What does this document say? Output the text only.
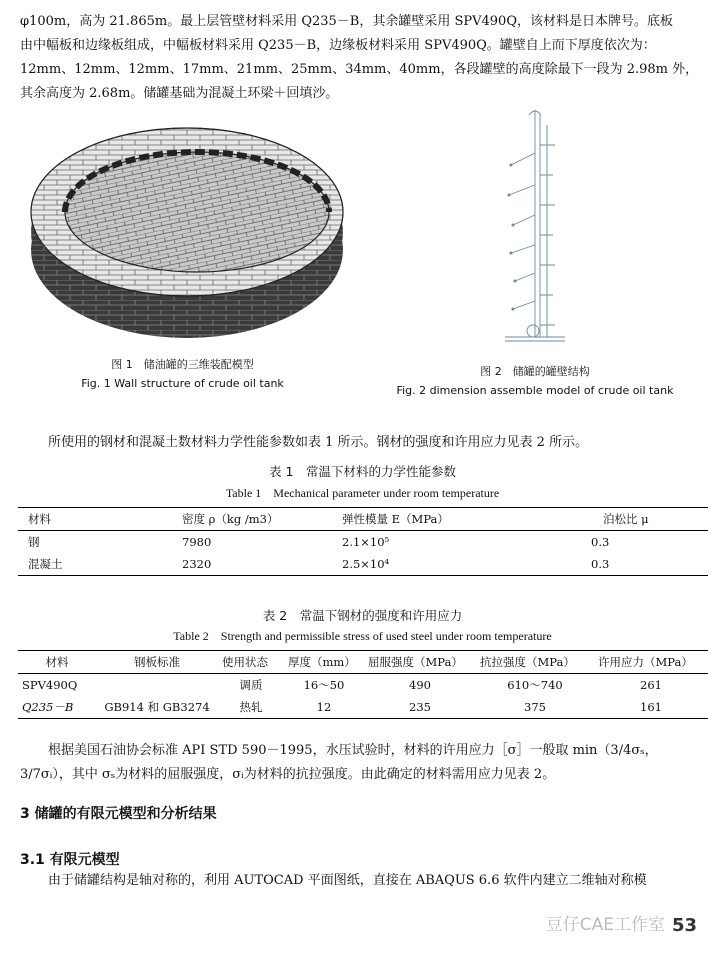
φ100m，高为 21.865m。最上层管壁材料采用 Q235－B，其余罐壁采用 SPV490Q，该材料是日本牌号。底板
由中幅板和边缘板组成，中幅板材料采用 Q235－B，边缘板材料采用 SPV490Q。罐壁自上而下厚度依次为：
12mm、12mm、12mm、17mm、21mm、25mm、34mm、40mm，各段罐壁的高度除最下一段为 2.98m 外，
其余高度为 2.68m。储罐基础为混凝土环梁＋回填沙。
图 1　储油罐的三维装配模型
Fig. 1 Wall structure of crude oil tank
图 2　储罐的罐壁结构
Fig. 2 dimension assemble model of crude oil tank
所使用的钢材和混凝土数材料力学性能参数如表 1 所示。钢材的强度和许用应力见表 2 所示。
表 1　常温下材料的力学性能参数
Table 1　Mechanical parameter under room temperature
材料	密度 ρ（kg /m3）	弹性模量 E（MPa）	泊松比 μ
钢	7980	2.1×10⁵	0.3
混凝土	2320	2.5×10⁴	0.3
表 2　常温下钢材的强度和许用应力
Table 2　Strength and permissible stress of used steel under room temperature
材料	钢板标准	使用状态	厚度（mm）	屈服强度（MPa）	抗拉强度（MPa）	许用应力（MPa）
SPV490Q		调质	16～50	490	610～740	261
Q235－B	GB914 和 GB3274	热轧	12	235	375	161
根据美国石油协会标准 API STD 590－1995，水压试验时，材料的许用应力［σ］一般取 min（3/4σₛ，
3/7σᵢ），其中 σₛ为材料的屈服强度，σᵢ为材料的抗拉强度。由此确定的材料需用应力见表 2。
3 储罐的有限元模型和分析结果
3.1 有限元模型
由于储罐结构是轴对称的，利用 AUTOCAD 平面图纸，直接在 ABAQUS 6.6 软件内建立二维轴对称模
豆仔CAE工作室 53
